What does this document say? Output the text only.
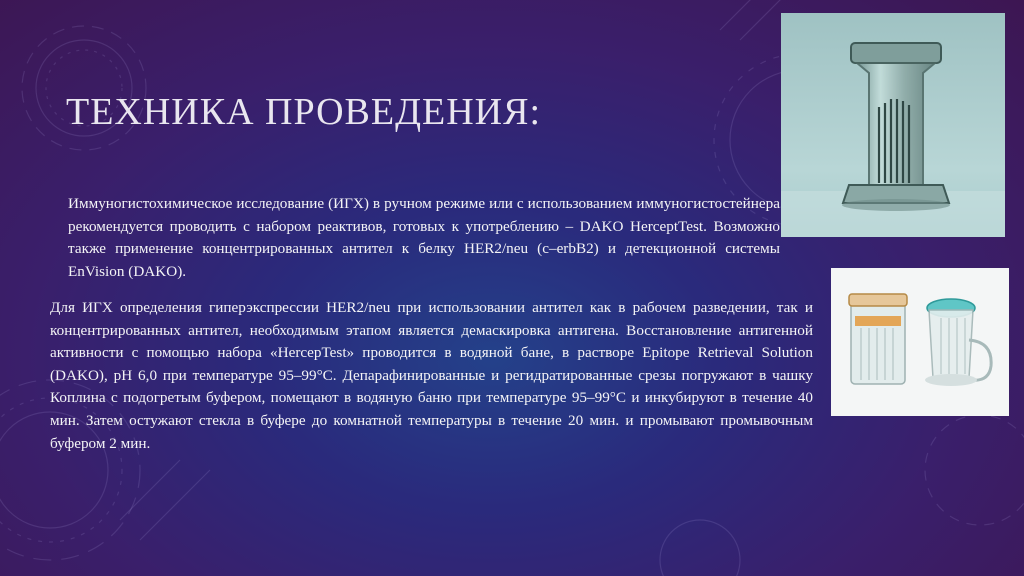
ТЕХНИКА ПРОВЕДЕНИЯ:

Иммуногистохимическое исследование (ИГХ) в ручном режиме или с использованием иммуногистостейнера рекомендуется проводить с набором реактивов, готовых к употреблению – DAKO HerceptTest. Возможно также применение концентрированных антител к белку HER2/neu (c–erbB2) и детекционной системы EnVision (DAKO).

Для ИГХ определения гиперэкспрессии HER2/neu при использовании антител как в рабочем разведении, так и концентрированных антител, необходимым этапом является демаскировка антигена. Восстановление антигенной активности с помощью набора «HercepTest» проводится в водяной бане, в растворе Epitope Retrieval Solution (DAKO), pH 6,0 при температуре 95–99°C. Депарафинированные и регидратированные срезы погружают в чашку Коплина с подогретым буфером, помещают в водяную баню при температуре 95–99°C и инкубируют в течение 40 мин. Затем остужают стекла в буфере до комнатной температуры в течение 20 мин. и промывают промывочным буфером 2 мин.
